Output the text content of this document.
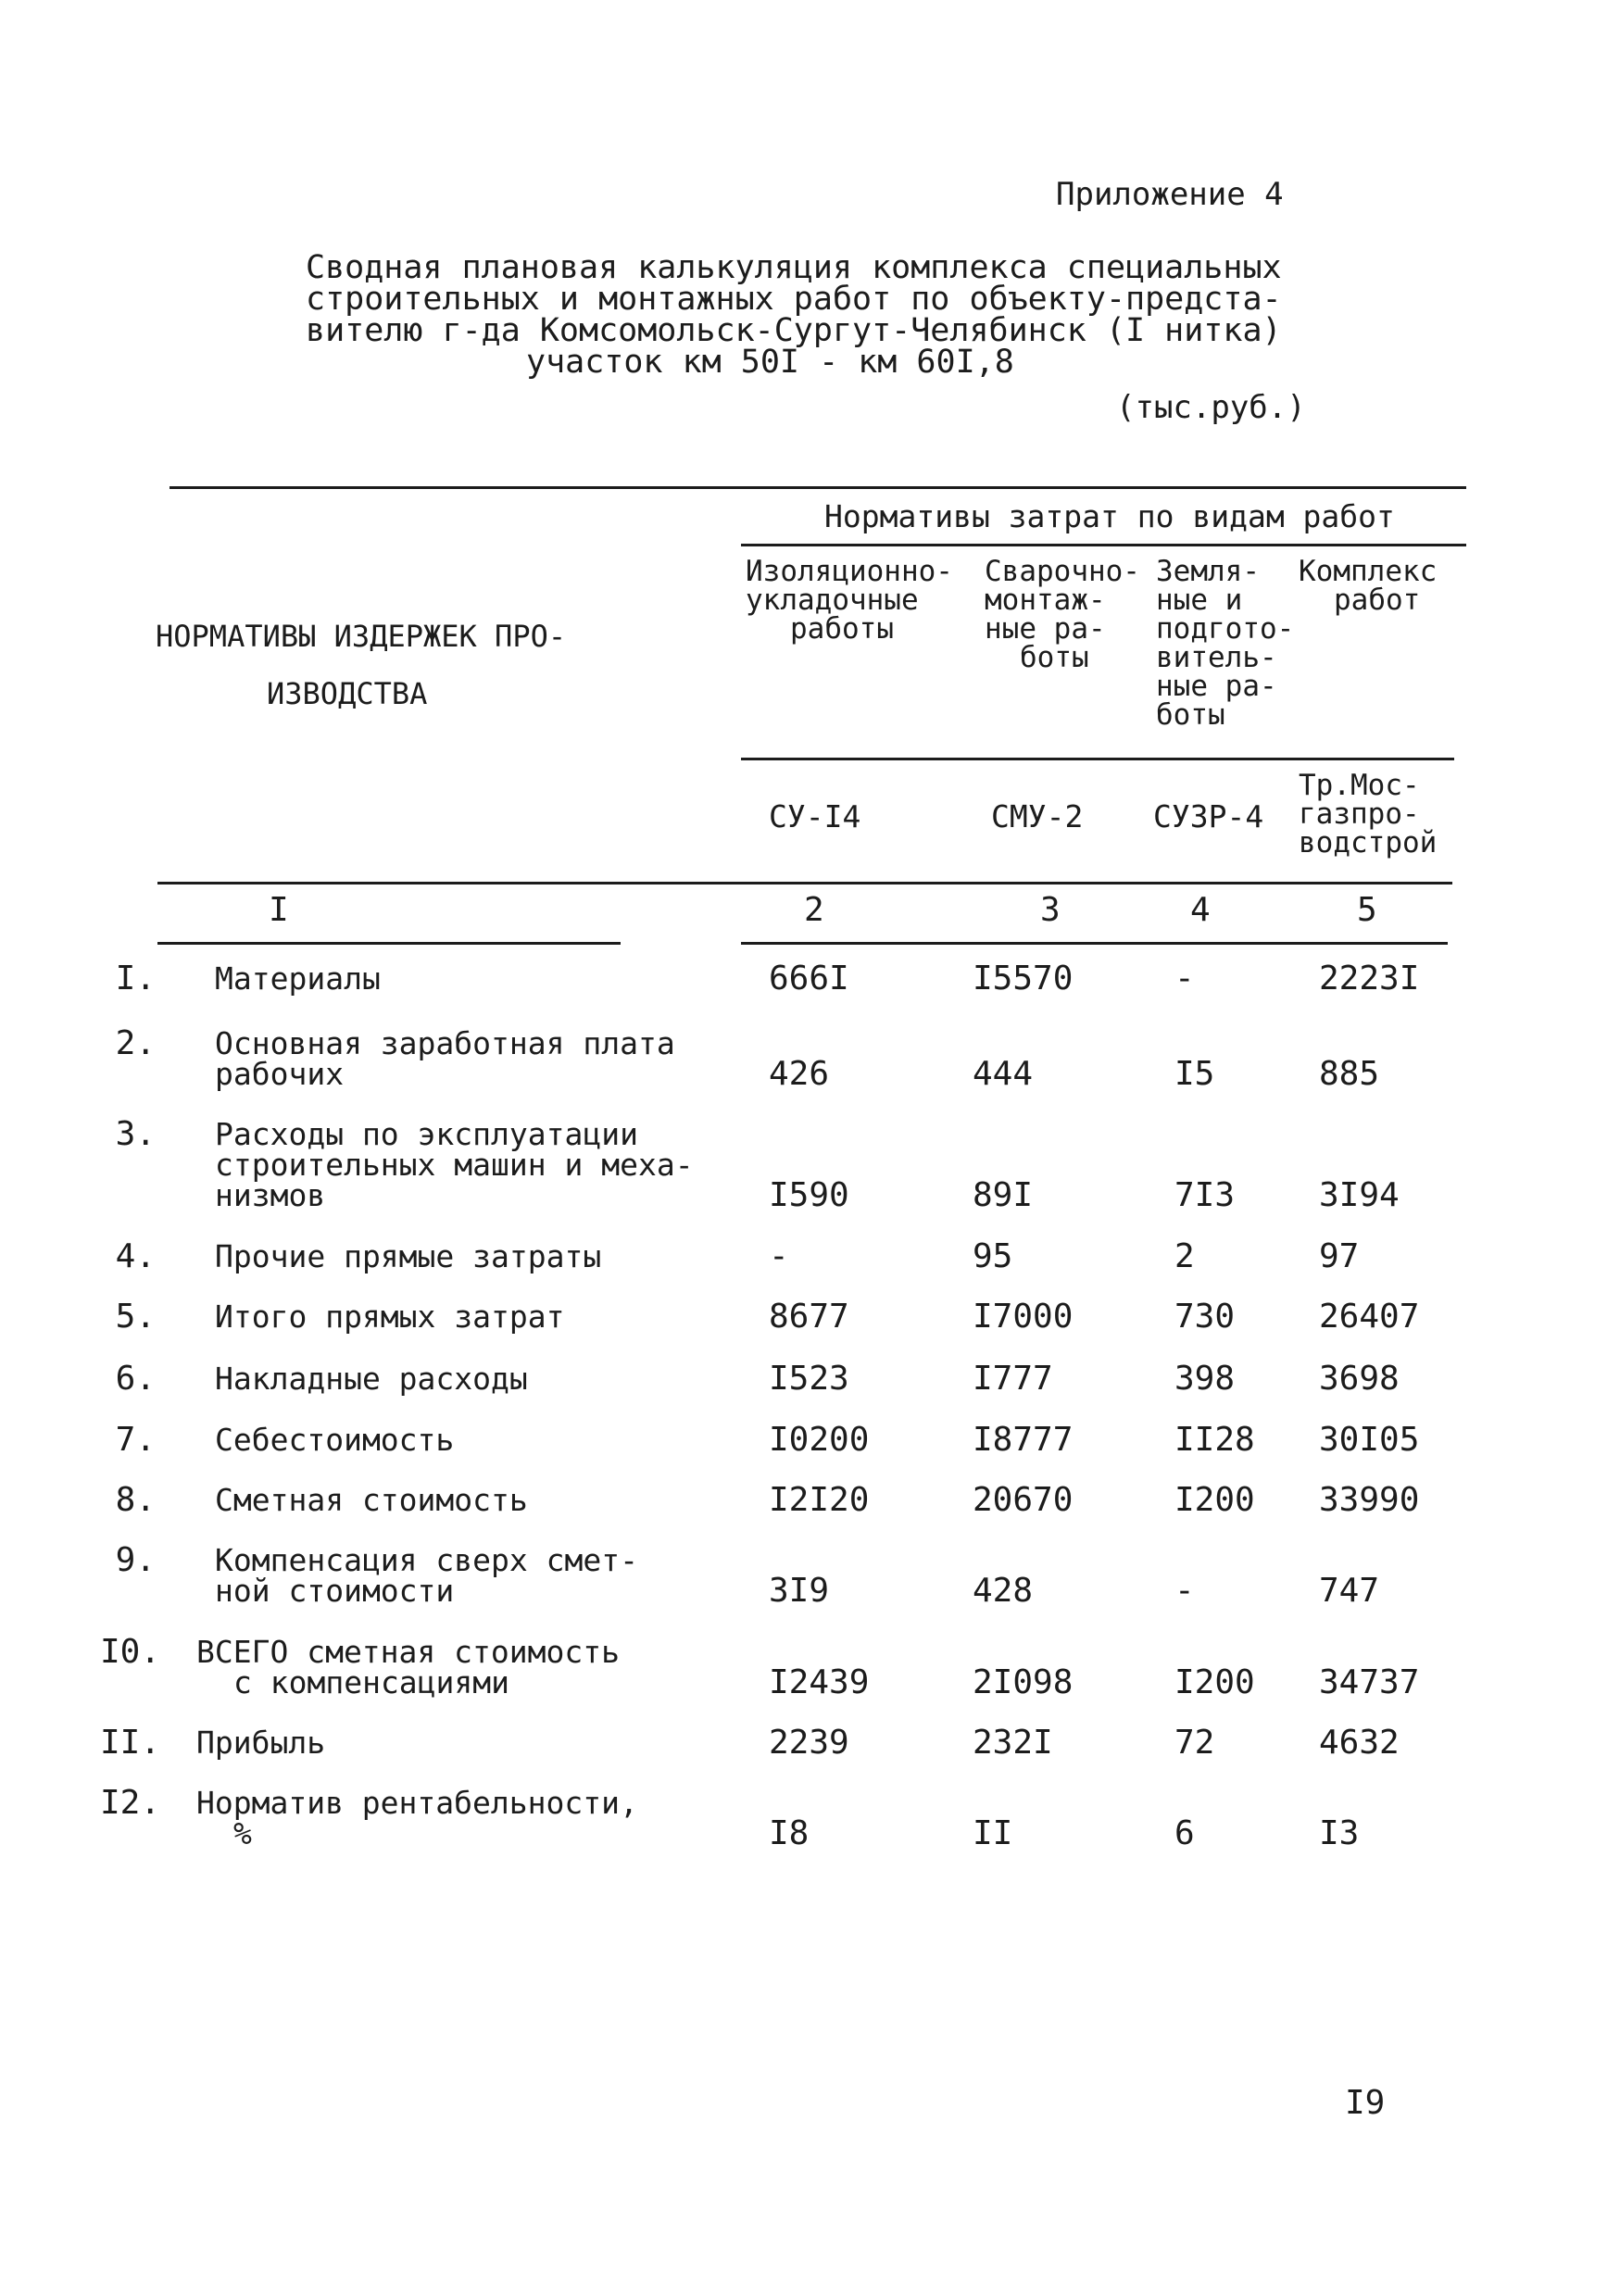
Приложение 4
Сводная плановая калькуляция комплекса специальных
строительных и монтажных работ по объекту-предста-
вителю г-да Комсомольск-Сургут-Челябинск (I нитка)
участок км 50I - км 60I,8
(тыс.руб.)
НОРМАТИВЫ ИЗДЕРЖЕК ПРО-
ИЗВОДСТВА
Нормативы затрат по видам работ
Изоляционно-
укладочные
работы
Сварочно-
монтаж-
ные ра-
боты
Земля-
ные и
подгото-
витель-
ные ра-
боты
Комплекс
работ
СУ-I4	СМУ-2 СУЗР-4
Тр.Мос-
газпро-
водстрой
I	2	3	4	5
I. Материалы	666I	I5570	-	2223I
2. Основная заработная плата
рабочих	426	444	I5	885
3. Расходы по эксплуатации
строительных машин и меха-
низмов	I590	89I	7I3	3I94
4. Прочие прямые затраты	-	95	2	97
5. Итого прямых затрат	8677	I7000	730	26407
6. Накладные расходы	I523	I777	398	3698
7. Себестоимость	I0200	I8777	II28 30I05
8. Сметная стоимость	I2I20	20670	I200 33990
9. Компенсация сверх смет-
ной стоимости	3I9	428	-	747
I0. ВСЕГО сметная стоимость
с компенсациями	I2439	2I098	I200 34737
II. Прибыль	2239	232I	72	4632
I2. Норматив рентабельности,
%	I8	II	6	I3
I9
